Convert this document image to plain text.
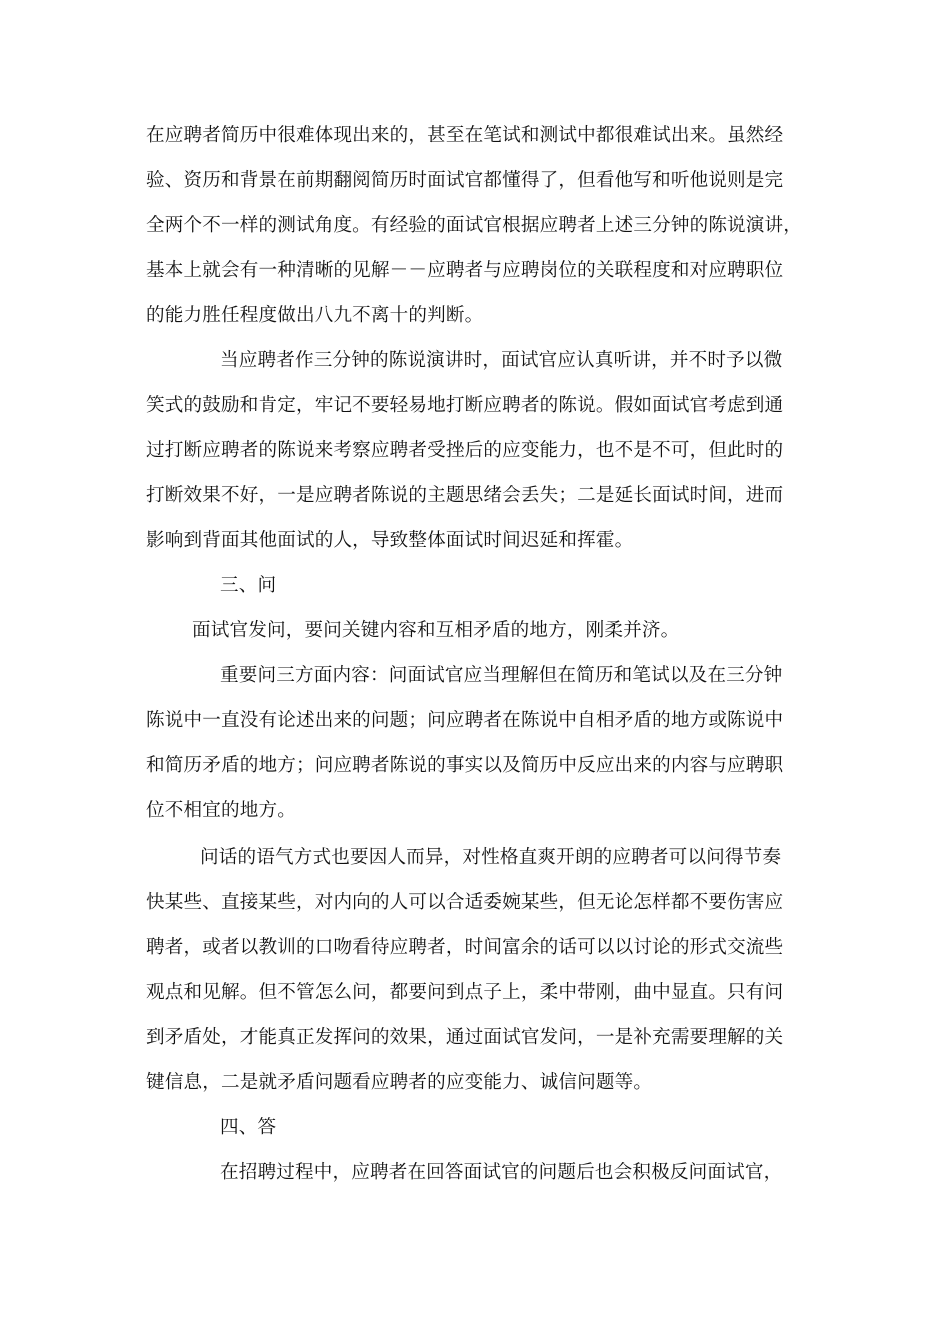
在应聘者简历中很难体现出来的，甚至在笔试和测试中都很难试出来。虽然经
验、资历和背景在前期翻阅简历时面试官都懂得了，但看他写和听他说则是完
全两个不一样的测试角度。有经验的面试官根据应聘者上述三分钟的陈说演讲，
基本上就会有一种清晰的见解－－应聘者与应聘岗位的关联程度和对应聘职位
的能力胜任程度做出八九不离十的判断。
当应聘者作三分钟的陈说演讲时，面试官应认真听讲，并不时予以微
笑式的鼓励和肯定，牢记不要轻易地打断应聘者的陈说。假如面试官考虑到通
过打断应聘者的陈说来考察应聘者受挫后的应变能力，也不是不可，但此时的
打断效果不好，一是应聘者陈说的主题思绪会丢失；二是延长面试时间，进而
影响到背面其他面试的人，导致整体面试时间迟延和挥霍。
三、问
面试官发问，要问关键内容和互相矛盾的地方，刚柔并济。
重要问三方面内容：问面试官应当理解但在简历和笔试以及在三分钟
陈说中一直没有论述出来的问题；问应聘者在陈说中自相矛盾的地方或陈说中
和简历矛盾的地方；问应聘者陈说的事实以及简历中反应出来的内容与应聘职
位不相宜的地方。
问话的语气方式也要因人而异，对性格直爽开朗的应聘者可以问得节奏
快某些、直接某些，对内向的人可以合适委婉某些，但无论怎样都不要伤害应
聘者，或者以教训的口吻看待应聘者，时间富余的话可以以讨论的形式交流些
观点和见解。但不管怎么问，都要问到点子上，柔中带刚，曲中显直。只有问
到矛盾处，才能真正发挥问的效果，通过面试官发问，一是补充需要理解的关
键信息，二是就矛盾问题看应聘者的应变能力、诚信问题等。
四、答
在招聘过程中，应聘者在回答面试官的问题后也会积极反问面试官，
